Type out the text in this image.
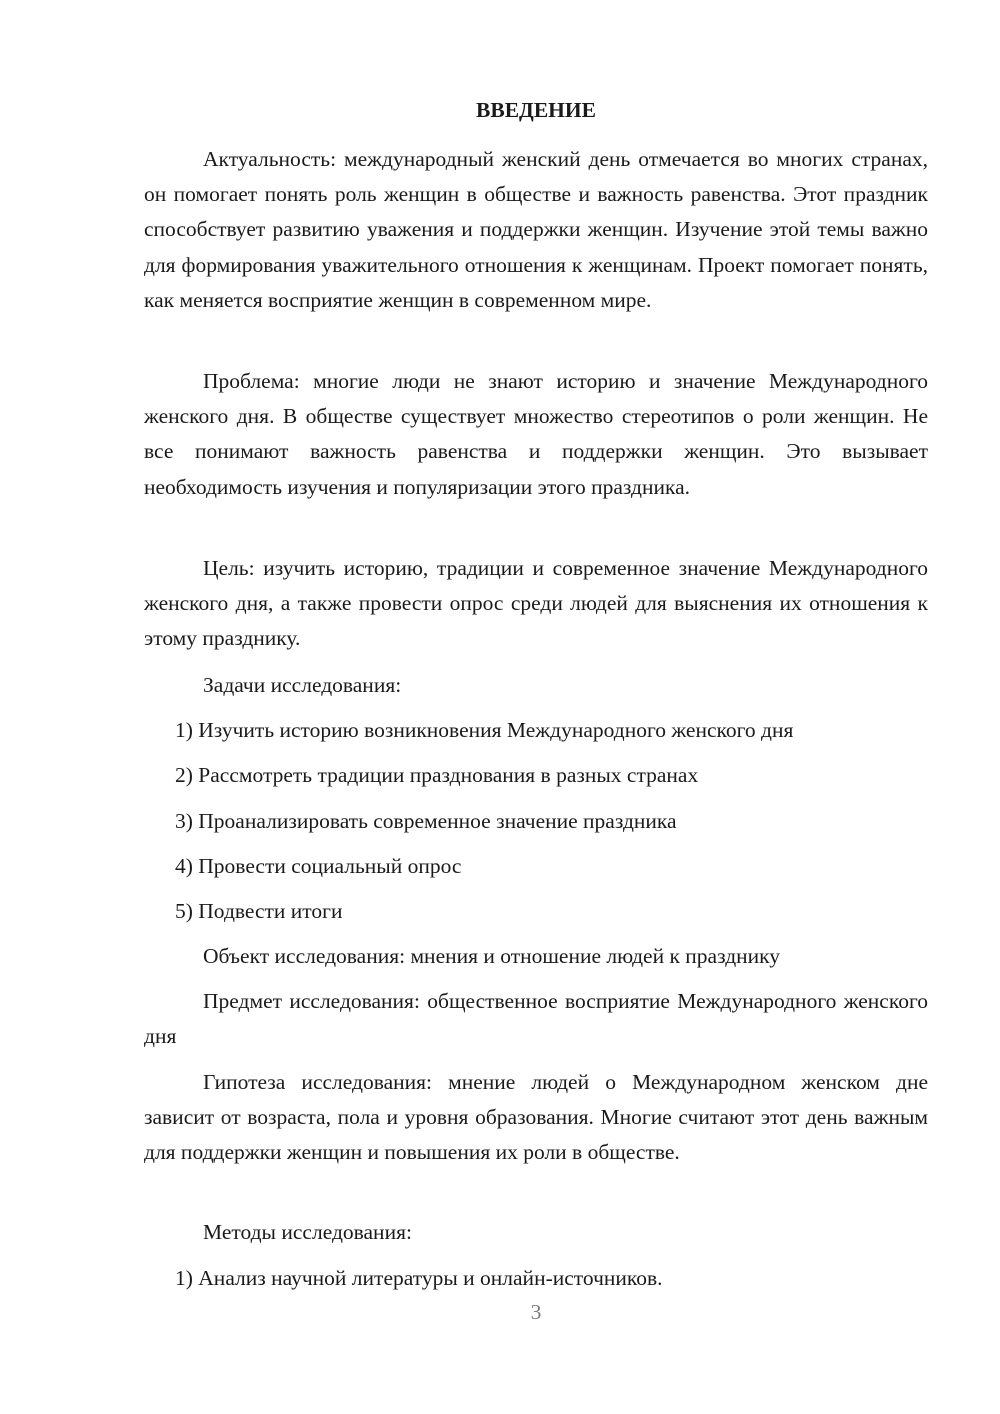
ВВЕДЕНИЕ

Актуальность: международный женский день отмечается во многих странах, он помогает понять роль женщин в обществе и важность равенства. Этот праздник способствует развитию уважения и поддержки женщин. Изучение этой темы важно для формирования уважительного отношения к женщинам. Проект помогает понять, как меняется восприятие женщин в современном мире.

Проблема: многие люди не знают историю и значение Международного женского дня. В обществе существует множество стереотипов о роли женщин. Не все понимают важность равенства и поддержки женщин. Это вызывает необходимость изучения и популяризации этого праздника.

Цель: изучить историю, традиции и современное значение Международного женского дня, а также провести опрос среди людей для выяснения их отношения к этому празднику.

Задачи исследования:

1) Изучить историю возникновения Международного женского дня

2) Рассмотреть традиции празднования в разных странах

3) Проанализировать современное значение праздника

4) Провести социальный опрос

5) Подвести итоги

Объект исследования: мнения и отношение людей к празднику

Предмет исследования: общественное восприятие Международного женского дня

Гипотеза исследования: мнение людей о Международном женском дне зависит от возраста, пола и уровня образования. Многие считают этот день важным для поддержки женщин и повышения их роли в обществе.

Методы исследования:

1) Анализ научной литературы и онлайн-источников.

3
